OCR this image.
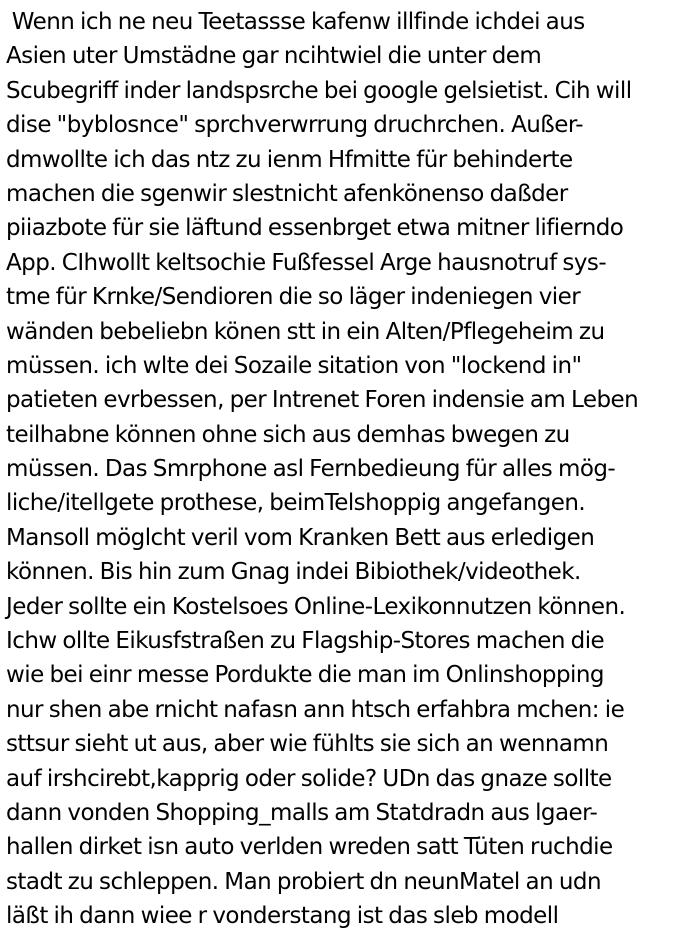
Wenn ich ne neu Teetassse kafenw illfinde ichdei aus
Asien uter Umstädne gar ncihtwiel die unter dem
Scubegriff inder landspsrche bei google gelsietist. Cih will
dise "byblosnce" sprchverwrrung druchrchen. Außer-
dmwollte ich das ntz zu ienm Hfmitte für behinderte
machen die sgenwir slestnicht afenkönenso daßder
piiazbote für sie läftund essenbrget etwa mitner lifierndo
App. CIhwollt keltsochie Fußfessel Arge hausnotruf sys-
tme für Krnke/Sendioren die so läger indeniegen vier
wänden bebeliebn könen stt in ein Alten/Pflegeheim zu
müssen. ich wlte dei Sozaile sitation von "lockend in"
patieten evrbessen, per Intrenet Foren indensie am Leben
teilhabne können ohne sich aus demhas bwegen zu
müssen. Das Smrphone asl Fernbedieung für alles mög-
liche/itellgete prothese, beimTelshoppig angefangen.
Mansoll möglcht veril vom Kranken Bett aus erledigen
können. Bis hin zum Gnag indei Bibiothek/videothek.
Jeder sollte ein Kostelsoes Online-Lexikonnutzen können.
Ichw ollte Eikusfstraßen zu Flagship-Stores machen die
wie bei einr messe Pordukte die man im Onlinshopping
nur shen abe rnicht nafasn ann htsch erfahbra mchen: ie
sttsur sieht ut aus, aber wie fühlts sie sich an wennamn
auf irshcirebt,kapprig oder solide? UDn das gnaze sollte
dann vonden Shopping_malls am Statdradn aus lgaer-
hallen dirket isn auto verlden wreden satt Tüten ruchdie
stadt zu schleppen. Man probiert dn neunMatel an udn
läßt ih dann wiee r vonderstang ist das sleb modell
